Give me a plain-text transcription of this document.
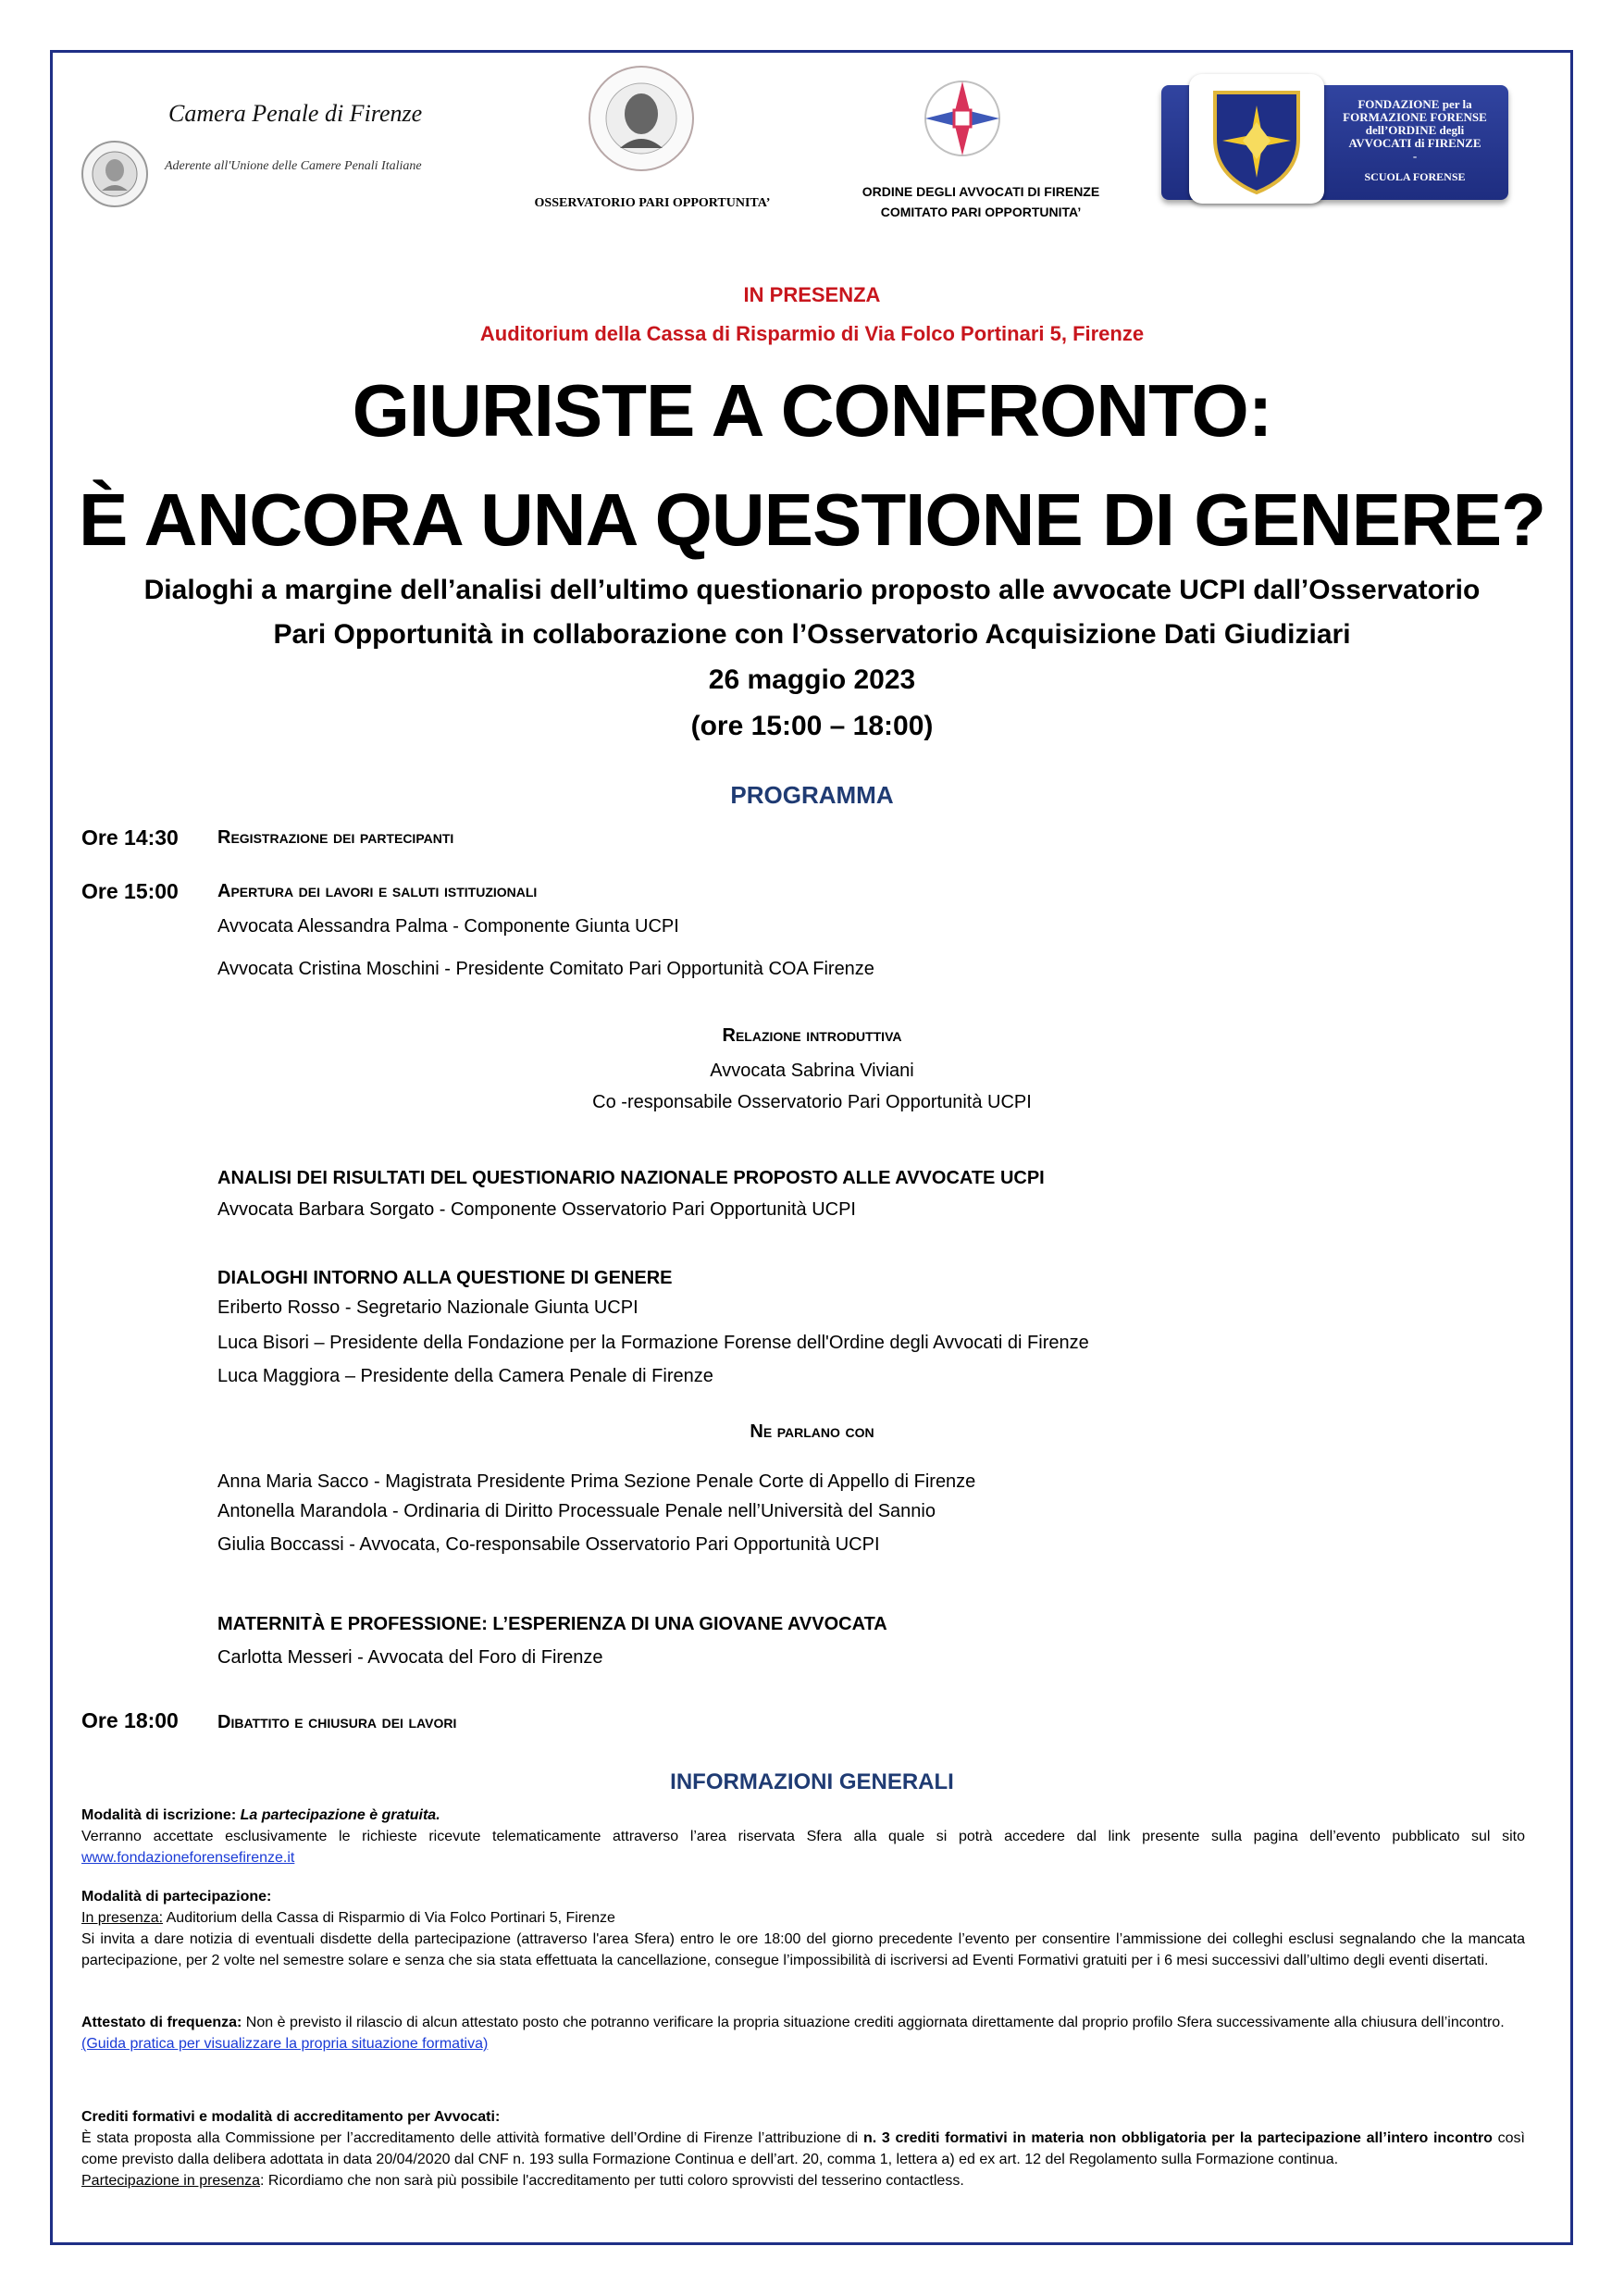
Camera Penale di Firenze
Aderente all'Unione delle Camere Penali Italiane
OSSERVATORIO PARI OPPORTUNITA’
ORDINE DEGLI AVVOCATI DI FIRENZE
COMITATO PARI OPPORTUNITA’
FONDAZIONE per la
FORMAZIONE FORENSE
dell’ORDINE degli
AVVOCATI di FIRENZE
-
SCUOLA FORENSE
IN PRESENZA
Auditorium della Cassa di Risparmio di Via Folco Portinari 5, Firenze
GIURISTE A CONFRONTO:
È ANCORA UNA QUESTIONE DI GENERE?
Dialoghi a margine dell’analisi dell’ultimo questionario proposto alle avvocate UCPI dall’Osservatorio
Pari Opportunità in collaborazione con l’Osservatorio Acquisizione Dati Giudiziari
26 maggio 2023
(ore 15:00 – 18:00)
PROGRAMMA
Ore 14:30 registrazione dei partecipanti
Ore 15:00 apertura dei lavori e saluti istituzionali
Avvocata Alessandra Palma - Componente Giunta UCPI
Avvocata Cristina Moschini - Presidente Comitato Pari Opportunità COA Firenze
Relazione introduttiva
Avvocata Sabrina Viviani
Co -responsabile Osservatorio Pari Opportunità UCPI
ANALISI DEI RISULTATI DEL QUESTIONARIO NAZIONALE PROPOSTO ALLE AVVOCATE UCPI
Avvocata Barbara Sorgato - Componente Osservatorio Pari Opportunità UCPI
DIALOGHI INTORNO ALLA QUESTIONE DI GENERE
Eriberto Rosso - Segretario Nazionale Giunta UCPI
Luca Bisori – Presidente della Fondazione per la Formazione Forense dell'Ordine degli Avvocati di Firenze
Luca Maggiora – Presidente della Camera Penale di Firenze
Ne parlano con
Anna Maria Sacco - Magistrata Presidente Prima Sezione Penale Corte di Appello di Firenze
Antonella Marandola - Ordinaria di Diritto Processuale Penale nell’Università del Sannio
Giulia Boccassi - Avvocata, Co-responsabile Osservatorio Pari Opportunità UCPI
MATERNITÀ E PROFESSIONE: L’ESPERIENZA DI UNA GIOVANE AVVOCATA
Carlotta Messeri - Avvocata del Foro di Firenze
Ore 18:00 dibattito e chiusura dei lavori
INFORMAZIONI GENERALI
Modalità di iscrizione: La partecipazione è gratuita.
Verranno accettate esclusivamente le richieste ricevute telematicamente attraverso l’area riservata Sfera alla quale si potrà accedere dal link presente sulla pagina dell’evento pubblicato sul sito www.fondazioneforensefirenze.it
Modalità di partecipazione:
In presenza: Auditorium della Cassa di Risparmio di Via Folco Portinari 5, Firenze
Si invita a dare notizia di eventuali disdette della partecipazione (attraverso l'area Sfera) entro le ore 18:00 del giorno precedente l’evento per consentire l’ammissione dei colleghi esclusi segnalando che la mancata partecipazione, per 2 volte nel semestre solare e senza che sia stata effettuata la cancellazione, consegue l’impossibilità di iscriversi ad Eventi Formativi gratuiti per i 6 mesi successivi dall’ultimo degli eventi disertati.
Attestato di frequenza: Non è previsto il rilascio di alcun attestato posto che potranno verificare la propria situazione crediti aggiornata direttamente dal proprio profilo Sfera successivamente alla chiusura dell’incontro.
(Guida pratica per visualizzare la propria situazione formativa)
Crediti formativi e modalità di accreditamento per Avvocati:
È stata proposta alla Commissione per l’accreditamento delle attività formative dell’Ordine di Firenze l’attribuzione di n. 3 crediti formativi in materia non obbligatoria per la partecipazione all’intero incontro così come previsto dalla delibera adottata in data 20/04/2020 dal CNF n. 193 sulla Formazione Continua e dell’art. 20, comma 1, lettera a) ed ex art. 12 del Regolamento sulla Formazione continua.
Partecipazione in presenza: Ricordiamo che non sarà più possibile l'accreditamento per tutti coloro sprovvisti del tesserino contactless.
